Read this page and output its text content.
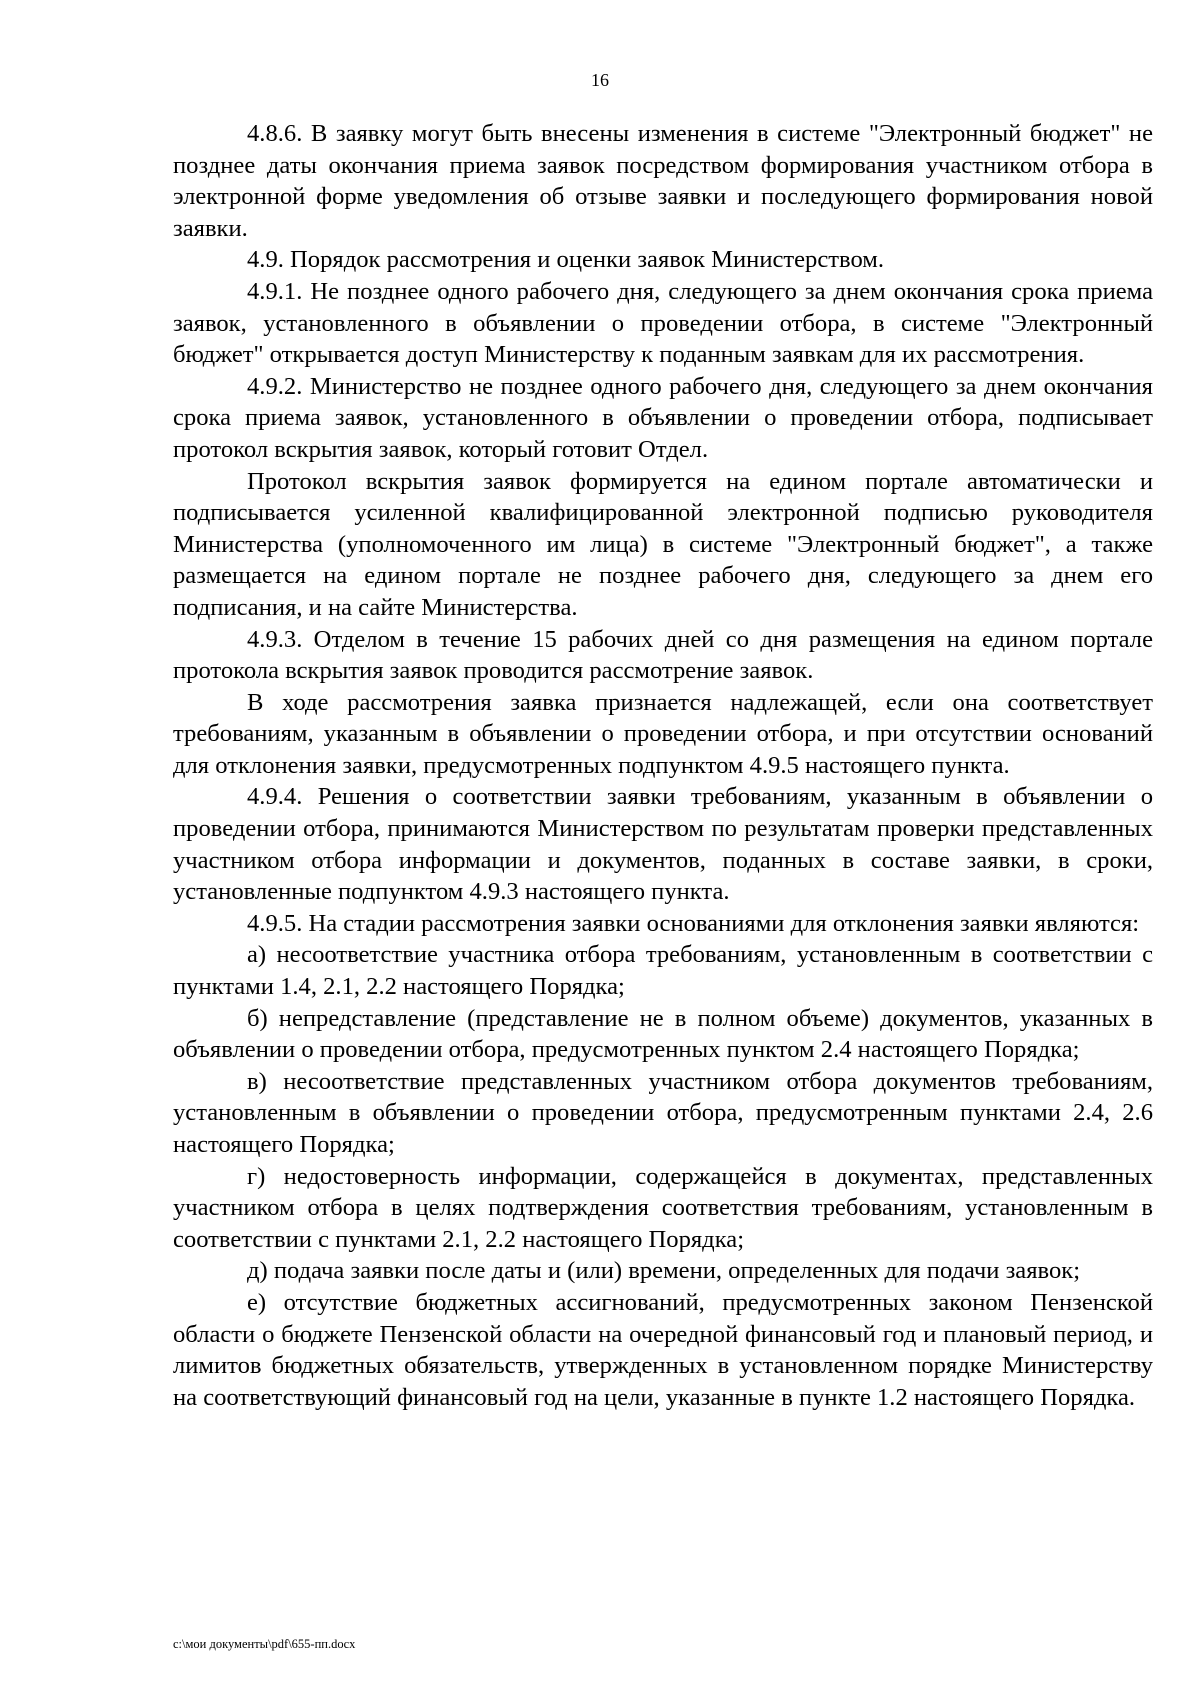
16

4.8.6. В заявку могут быть внесены изменения в системе "Электронный бюджет" не позднее даты окончания приема заявок посредством формирования участником отбора в электронной форме уведомления об отзыве заявки и последующего формирования новой заявки.

4.9. Порядок рассмотрения и оценки заявок Министерством.

4.9.1. Не позднее одного рабочего дня, следующего за днем окончания срока приема заявок, установленного в объявлении о проведении отбора, в системе "Электронный бюджет" открывается доступ Министерству к поданным заявкам для их рассмотрения.

4.9.2. Министерство не позднее одного рабочего дня, следующего за днем окончания срока приема заявок, установленного в объявлении о проведении отбора, подписывает протокол вскрытия заявок, который готовит Отдел.

Протокол вскрытия заявок формируется на едином портале автоматически и подписывается усиленной квалифицированной электронной подписью руководителя Министерства (уполномоченного им лица) в системе "Электронный бюджет", а также размещается на едином портале не позднее рабочего дня, следующего за днем его подписания, и на сайте Министерства.

4.9.3. Отделом в течение 15 рабочих дней со дня размещения на едином портале протокола вскрытия заявок проводится рассмотрение заявок.

В ходе рассмотрения заявка признается надлежащей, если она соответствует требованиям, указанным в объявлении о проведении отбора, и при отсутствии оснований для отклонения заявки, предусмотренных подпунктом 4.9.5 настоящего пункта.

4.9.4. Решения о соответствии заявки требованиям, указанным в объявлении о проведении отбора, принимаются Министерством по результатам проверки представленных участником отбора информации и документов, поданных в составе заявки, в сроки, установленные подпунктом 4.9.3 настоящего пункта.

4.9.5. На стадии рассмотрения заявки основаниями для отклонения заявки являются:

а) несоответствие участника отбора требованиям, установленным в соответствии с пунктами 1.4, 2.1, 2.2 настоящего Порядка;

б) непредставление (представление не в полном объеме) документов, указанных в объявлении о проведении отбора, предусмотренных пунктом 2.4 настоящего Порядка;

в) несоответствие представленных участником отбора документов требованиям, установленным в объявлении о проведении отбора, предусмотренным пунктами 2.4, 2.6 настоящего Порядка;

г) недостоверность информации, содержащейся в документах, представленных участником отбора в целях подтверждения соответствия требованиям, установленным в соответствии с пунктами 2.1, 2.2 настоящего Порядка;

д) подача заявки после даты и (или) времени, определенных для подачи заявок;

е) отсутствие бюджетных ассигнований, предусмотренных законом Пензенской области о бюджете Пензенской области на очередной финансовый год и плановый период, и лимитов бюджетных обязательств, утвержденных в установленном порядке Министерству на соответствующий финансовый год на цели, указанные в пункте 1.2 настоящего Порядка.

c:\мои документы\pdf\655-пп.docx
